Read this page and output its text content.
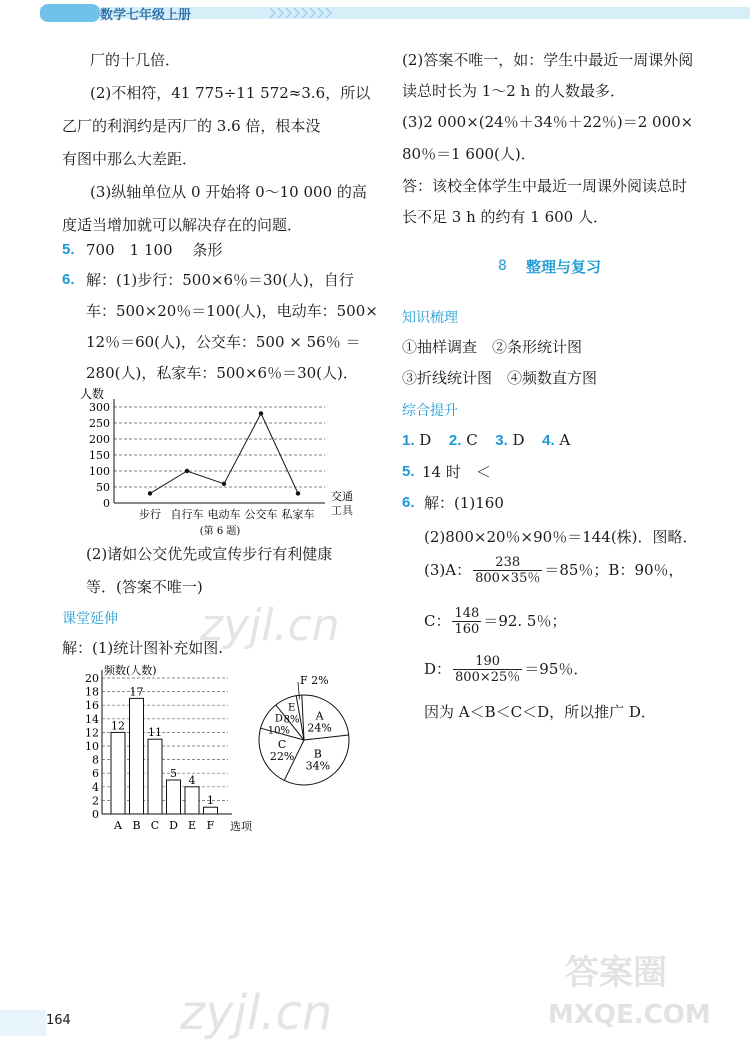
数学七年级上册
厂的十几倍．
(2)不相符，41 775÷11 572≈3.6，所以
乙厂的利润约是丙厂的 3.6 倍，根本没
有图中那么大差距．
(3)纵轴单位从 0 开始将 0～10 000 的高
度适当增加就可以解决存在的问题．
5. 700　1 100　 条形
6. 解：(1)步行：500×6％＝30(人)，自行
车：500×20％＝100(人)，电动车：500×
12％＝60(人)，公交车：500 × 56％ ＝
280(人)，私家车：500×6％＝30(人)．
人数
0
50
100
150
200
250
300
步行 自行车 电动车 公交车 私家车
交通
工具
(第 6 题)
(2)诸如公交优先或宣传步行有利健康
等．(答案不唯一)
课堂延伸
解：(1)统计图补充如图.
频数(人数)
0
2
4
6
8
10
12
14
16
18
20
12
A
17
B
11
C
5
D
4
E
1
F 选项
A
24%
B
34%
C
22%
D
10%
E
8%
F 2%
(2)答案不唯一，如：学生中最近一周课外阅
读总时长为 1～2 h 的人数最多．
(3)2 000×(24％＋34％＋22％)＝2 000×
80％＝1 600(人)．
答：该校全体学生中最近一周课外阅读总时
长不足 3 h 的约有 1 600 人．
8 整理与复习
知识梳理
①抽样调查　②条形统计图
③折线统计图　④频数直方图
综合提升
1. D 2. C 3. D 4. A
5. 14 时　＜
6. 解：(1)160
(2)800×20％×90％＝144(株)．图略．
(3)A： $\frac{238}{800\times 35\%} =85$％；B：90％，
C： $\frac{148}{160} =92$. 5％；
D： $\frac{190}{800\times 25\%} =95$％．
因为 A＜B＜C＜D，所以推广 D．
zyjl.cn
zyjl.cn
答案圈
MXQE.COM
164
